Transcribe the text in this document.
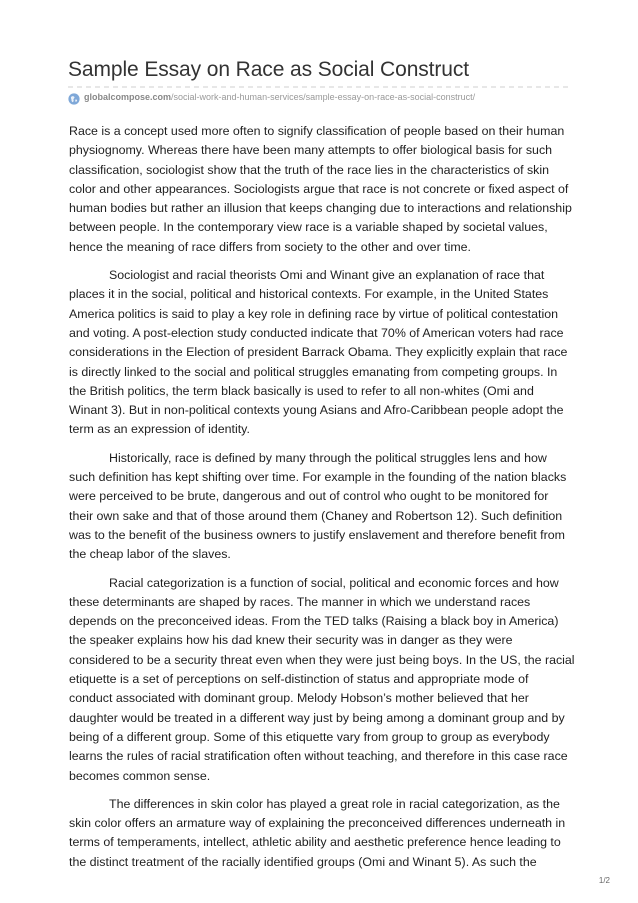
Sample Essay on Race as Social Construct
globalcompose.com/social-work-and-human-services/sample-essay-on-race-as-social-construct/

Race is a concept used more often to signify classification of people based on their human physiognomy. Whereas there have been many attempts to offer biological basis for such classification, sociologist show that the truth of the race lies in the characteristics of skin color and other appearances. Sociologists argue that race is not concrete or fixed aspect of human bodies but rather an illusion that keeps changing due to interactions and relationship between people. In the contemporary view race is a variable shaped by societal values, hence the meaning of race differs from society to the other and over time.

Sociologist and racial theorists Omi and Winant give an explanation of race that places it in the social, political and historical contexts. For example, in the United States America politics is said to play a key role in defining race by virtue of political contestation and voting. A post-election study conducted indicate that 70% of American voters had race considerations in the Election of president Barrack Obama. They explicitly explain that race is directly linked to the social and political struggles emanating from competing groups. In the British politics, the term black basically is used to refer to all non-whites (Omi and Winant 3). But in non-political contexts young Asians and Afro-Caribbean people adopt the term as an expression of identity.

Historically, race is defined by many through the political struggles lens and how such definition has kept shifting over time. For example in the founding of the nation blacks were perceived to be brute, dangerous and out of control who ought to be monitored for their own sake and that of those around them (Chaney and Robertson 12). Such definition was to the benefit of the business owners to justify enslavement and therefore benefit from the cheap labor of the slaves.

Racial categorization is a function of social, political and economic forces and how these determinants are shaped by races. The manner in which we understand races depends on the preconceived ideas. From the TED talks (Raising a black boy in America) the speaker explains how his dad knew their security was in danger as they were considered to be a security threat even when they were just being boys. In the US, the racial etiquette is a set of perceptions on self-distinction of status and appropriate mode of conduct associated with dominant group. Melody Hobson’s mother believed that her daughter would be treated in a different way just by being among a dominant group and by being of a different group. Some of this etiquette vary from group to group as everybody learns the rules of racial stratification often without teaching, and therefore in this case race becomes common sense.

The differences in skin color has played a great role in racial categorization, as the skin color offers an armature way of explaining the preconceived differences underneath in terms of temperaments, intellect, athletic ability and aesthetic preference hence leading to the distinct treatment of the racially identified groups (Omi and Winant 5). As such the

1/2
